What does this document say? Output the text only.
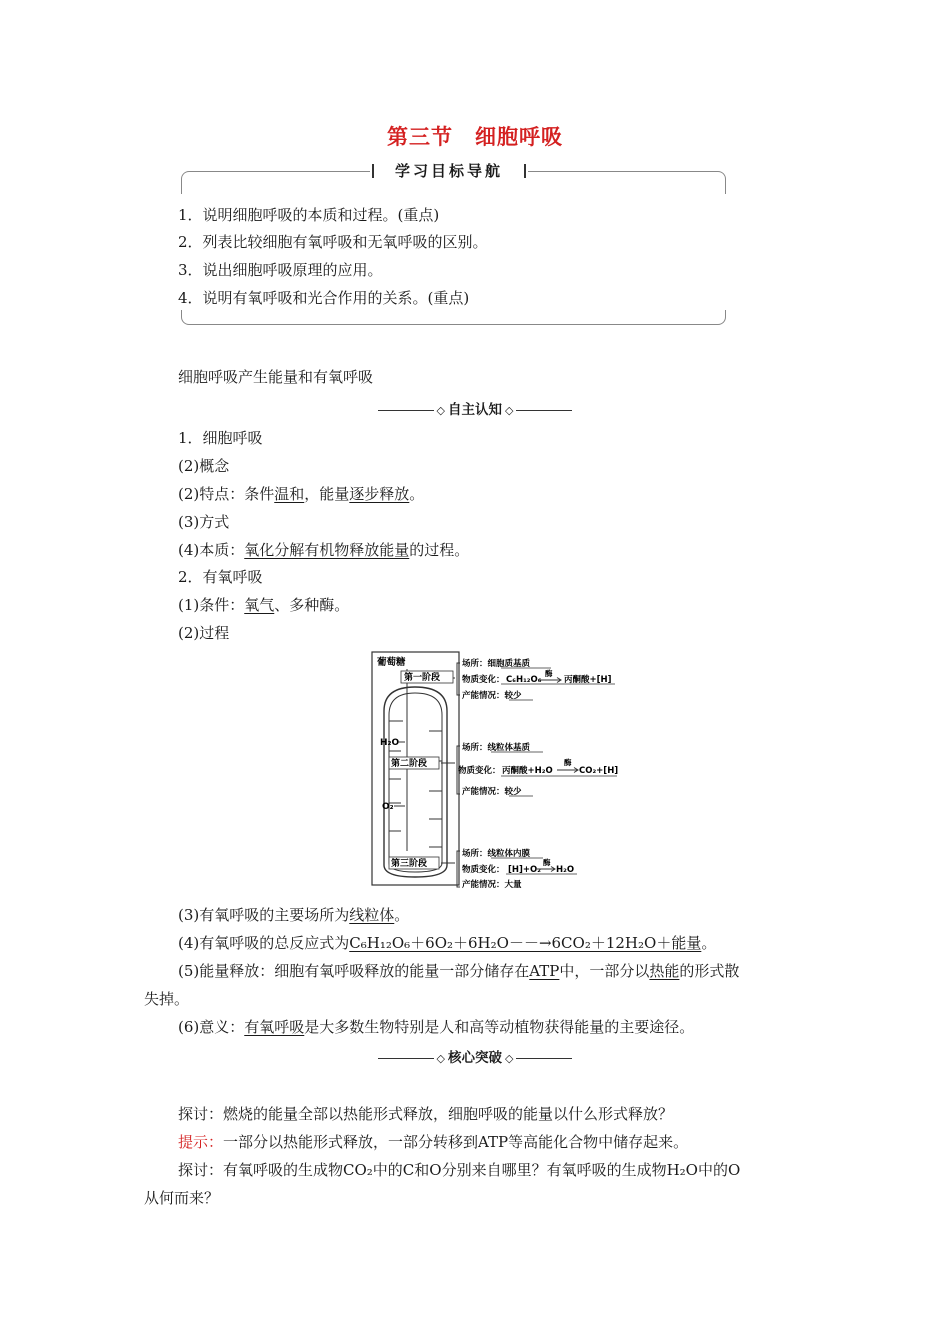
第三节　细胞呼吸
学习目标导航
1．说明细胞呼吸的本质和过程。(重点)
2．列表比较细胞有氧呼吸和无氧呼吸的区别。
3．说出细胞呼吸原理的应用。
4．说明有氧呼吸和光合作用的关系。(重点)
细胞呼吸产生能量和有氧呼吸
◇ 自主认知 ◇
1．细胞呼吸
(2)概念
(2)特点：条件温和，能量逐步释放。
(3)方式
(4)本质：氧化分解有机物释放能量的过程。
2．有氧呼吸
(1)条件：氧气、多种酶。
(2)过程
葡萄糖
第一阶段
H₂O
第二阶段
O₂
第三阶段
场所：细胞质基质
物质变化： C₆H₁₂O₆
酶
丙酮酸+[H]
产能情况：较少
场所：线粒体基质
物质变化： 丙酮酸+H₂O
酶
CO₂+[H]
产能情况：较少
场所：线粒体内膜
物质变化： [H]+O₂
酶
H₂O
产能情况：大量
(3)有氧呼吸的主要场所为线粒体。
(4)有氧呼吸的总反应式为C₆H₁₂O₆＋6O₂＋6H₂O－－→6CO₂＋12H₂O＋能量。
(5)能量释放：细胞有氧呼吸释放的能量一部分储存在ATP中，一部分以热能的形式散
失掉。
(6)意义：有氧呼吸是大多数生物特别是人和高等动植物获得能量的主要途径。
◇ 核心突破 ◇
探讨：燃烧的能量全部以热能形式释放，细胞呼吸的能量以什么形式释放？
提示：一部分以热能形式释放，一部分转移到ATP等高能化合物中储存起来。
探讨：有氧呼吸的生成物CO₂中的C和O分别来自哪里？有氧呼吸的生成物H₂O中的O
从何而来？
